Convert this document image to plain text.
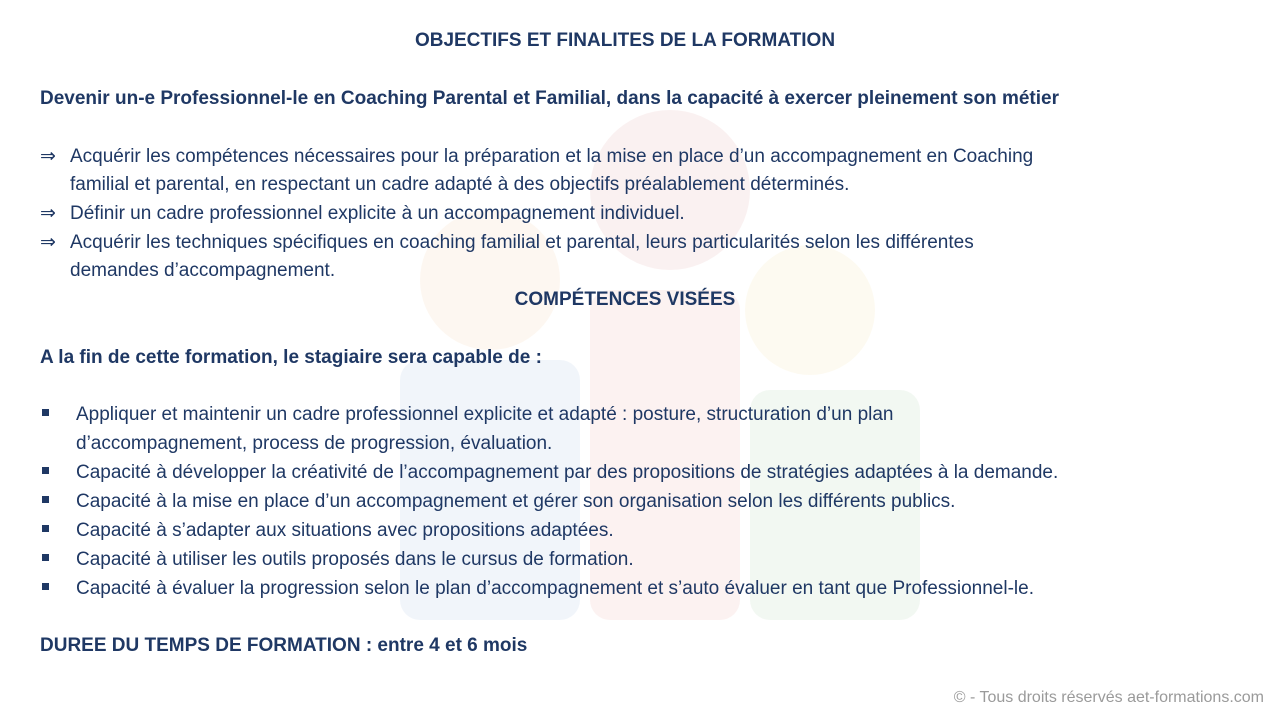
OBJECTIFS ET FINALITES DE LA FORMATION
Devenir un-e Professionnel-le en Coaching Parental et Familial, dans la capacité à exercer pleinement son métier
⇒ Acquérir les compétences nécessaires pour la préparation et la mise en place d’un accompagnement en Coaching
familial et parental, en respectant un cadre adapté à des objectifs préalablement déterminés.
⇒ Définir un cadre professionnel explicite à un accompagnement individuel.
⇒ Acquérir les techniques spécifiques en coaching familial et parental, leurs particularités selon les différentes
demandes d’accompagnement.
COMPÉTENCES VISÉES
A la fin de cette formation, le stagiaire sera capable de :
Appliquer et maintenir un cadre professionnel explicite et adapté : posture, structuration d’un plan
d’accompagnement, process de progression, évaluation.
Capacité à développer la créativité de l’accompagnement par des propositions de stratégies adaptées à la demande.
Capacité à la mise en place d’un accompagnement et gérer son organisation selon les différents publics.
Capacité à s’adapter aux situations avec propositions adaptées.
Capacité à utiliser les outils proposés dans le cursus de formation.
Capacité à évaluer la progression selon le plan d’accompagnement et s’auto évaluer en tant que Professionnel-le.
DUREE DU TEMPS DE FORMATION : entre 4 et 6 mois
© - Tous droits réservés aet-formations.com
